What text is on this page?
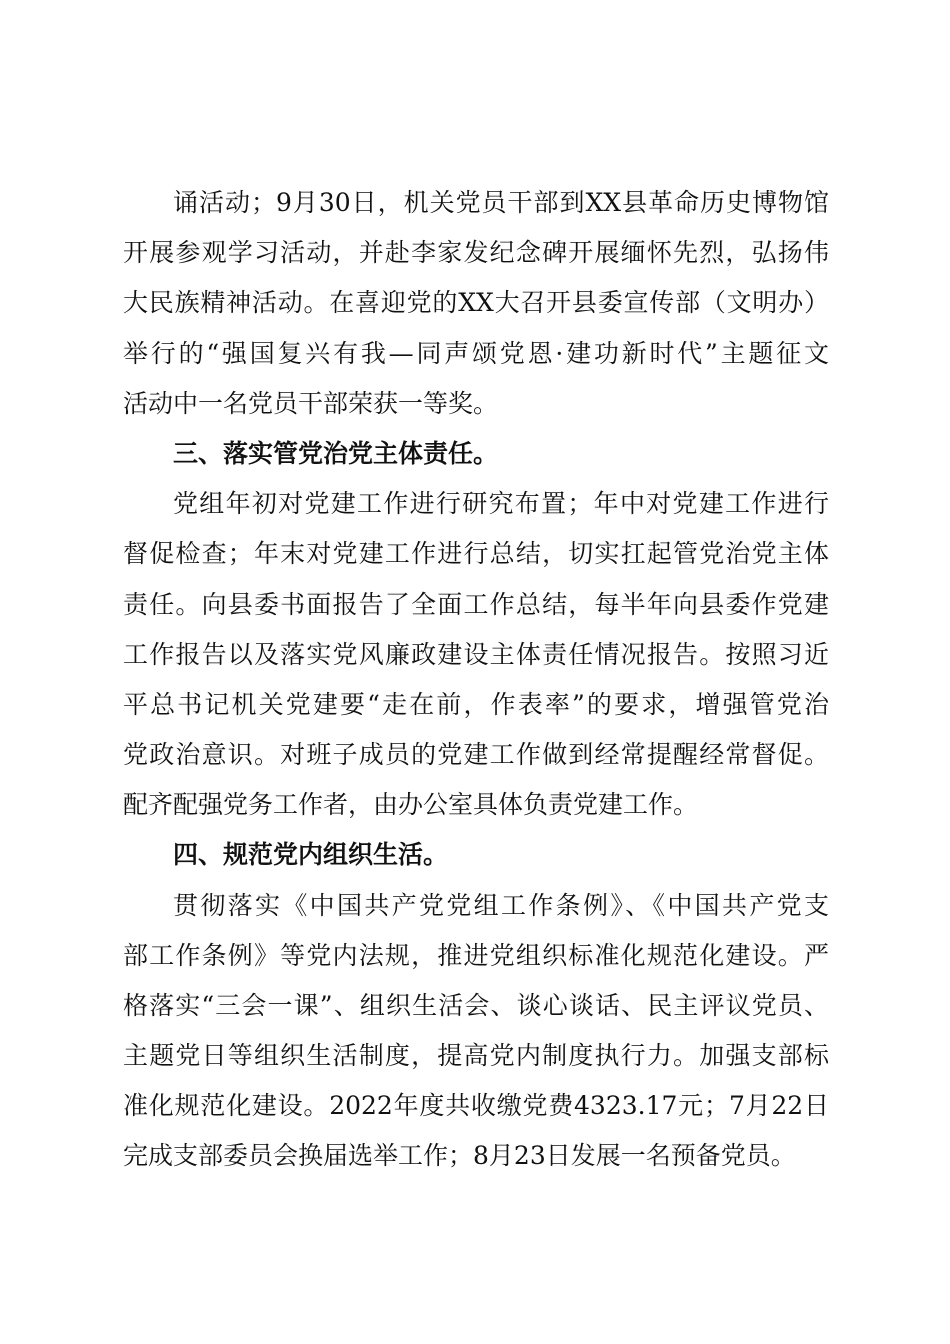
诵活动；9月30日，机关党员干部到XX县革命历史博物馆
开展参观学习活动，并赴李家发纪念碑开展缅怀先烈，弘扬伟
大民族精神活动。在喜迎党的XX大召开县委宣传部（文明办）
举行的“强国复兴有我—同声颂党恩·建功新时代”主题征文
活动中一名党员干部荣获一等奖。
三、落实管党治党主体责任。
党组年初对党建工作进行研究布置；年中对党建工作进行
督促检查；年末对党建工作进行总结，切实扛起管党治党主体
责任。向县委书面报告了全面工作总结，每半年向县委作党建
工作报告以及落实党风廉政建设主体责任情况报告。按照习近
平总书记机关党建要“走在前，作表率”的要求，增强管党治
党政治意识。对班子成员的党建工作做到经常提醒经常督促。
配齐配强党务工作者，由办公室具体负责党建工作。
四、规范党内组织生活。
贯彻落实《中国共产党党组工作条例》、《中国共产党支
部工作条例》等党内法规，推进党组织标准化规范化建设。严
格落实“三会一课”、组织生活会、谈心谈话、民主评议党员、
主题党日等组织生活制度，提高党内制度执行力。加强支部标
准化规范化建设。2022年度共收缴党费4323.17元；7月22日
完成支部委员会换届选举工作；8月23日发展一名预备党员。
